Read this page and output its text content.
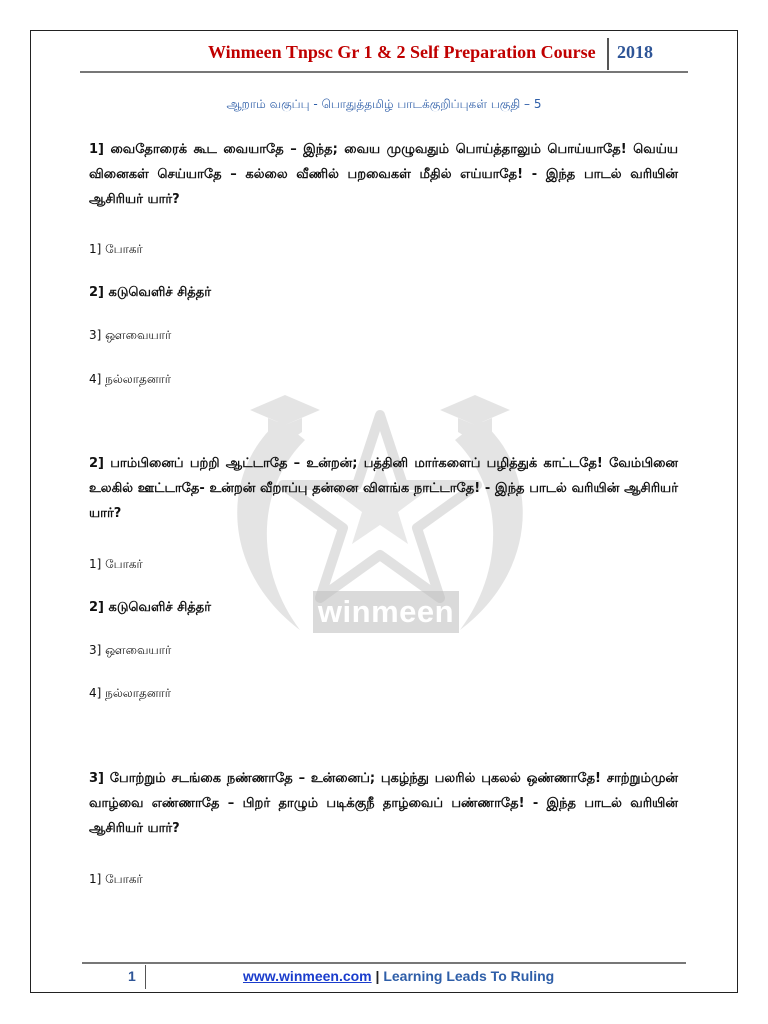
Winmeen Tnpsc Gr 1 & 2 Self Preparation Course 2018
ஆறாம் வகுப்பு - பொதுத்தமிழ் பாடக்குறிப்புகள் பகுதி – 5
winmeen
1] வைதோரைக் கூட வையாதே – இந்த; வைய முழுவதும் பொய்த்தாலும் பொய்யாதே! வெய்ய வினைகள் செய்யாதே – கல்லை வீணில் பறவைகள் மீதில் எய்யாதே! - இந்த பாடல் வரியின் ஆசிரியர் யார்?
1] போகர்
2] கடுவெளிச் சித்தர்
3] ஔவையார்
4] நல்லாதனார்
2] பாம்பினைப் பற்றி ஆட்டாதே – உன்றன்; பத்தினி மார்களைப் பழித்துக் காட்டதே! வேம்பினை உலகில் ஊட்டாதே- உன்றன் வீறாப்பு தன்னை விளங்க நாட்டாதே! - இந்த பாடல் வரியின் ஆசிரியர் யார்?
1] போகர்
2] கடுவெளிச் சித்தர்
3] ஔவையார்
4] நல்லாதனார்
3] போற்றும் சடங்கை நண்ணாதே – உன்னைப்; புகழ்ந்து பலரில் புகலல் ஒண்ணாதே! சாற்றும்முன் வாழ்வை எண்ணாதே – பிறர் தாழும் படிக்குநீ தாழ்வைப் பண்ணாதே! - இந்த பாடல் வரியின் ஆசிரியர் யார்?
1] போகர்
1	www.winmeen.com | Learning Leads To Ruling
